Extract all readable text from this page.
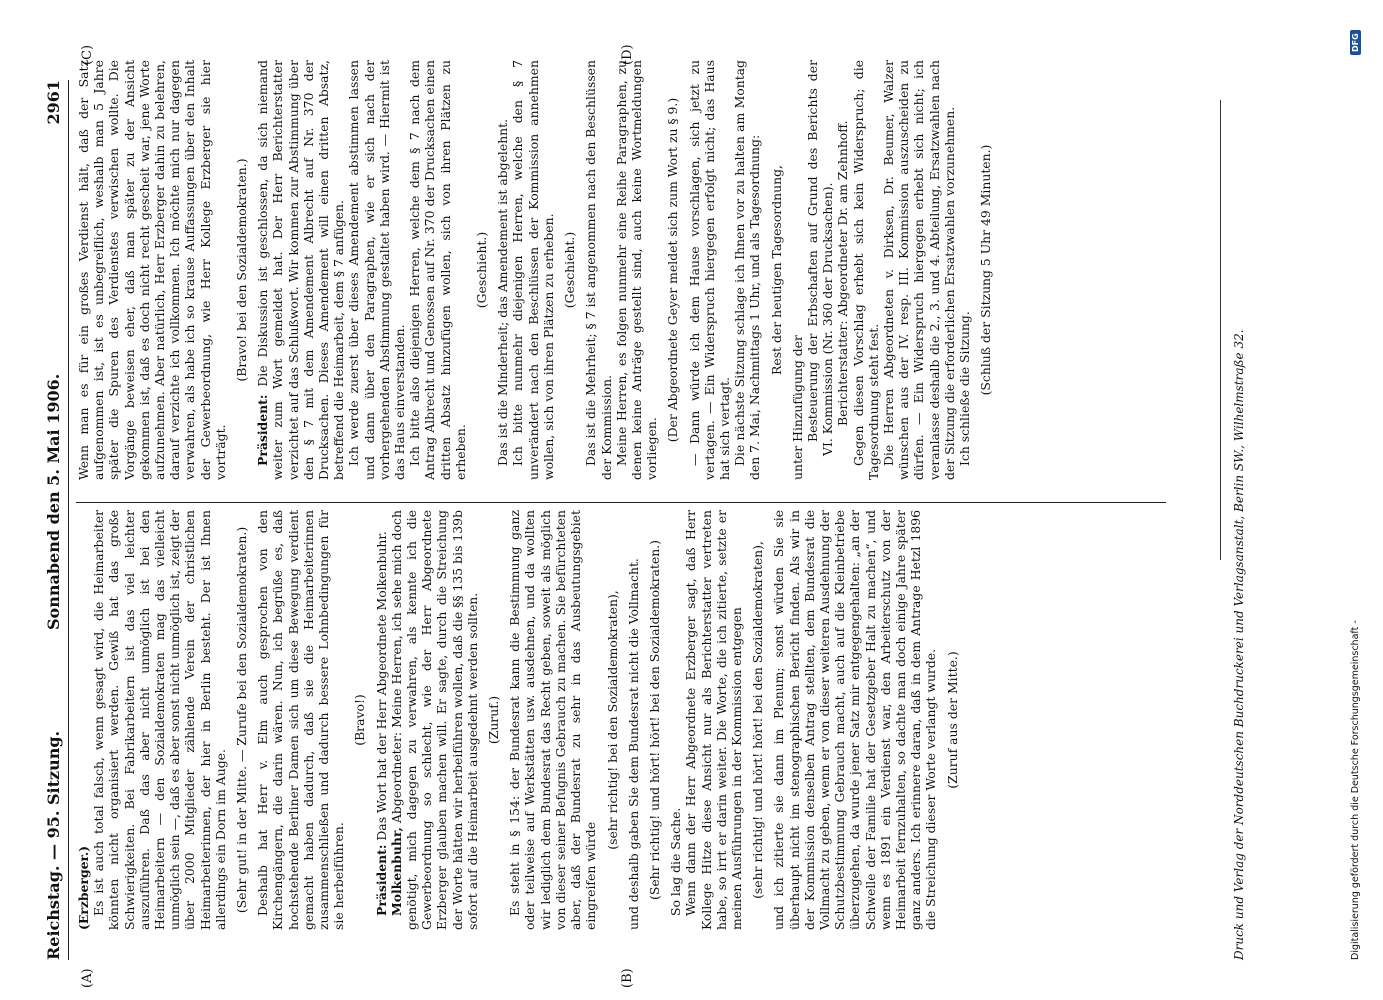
Reichstag. — 95. Sitzung.
2961
Sonnabend den 5. Mai 1906.
(A)	(B)
(C)	(D)

(Erzberger.) Es ist auch total falsch, wenn gesagt wird, die Heimarbeiter könnten nicht organisiert werden. Gewiß hat das große Schwierigkeiten. Bei Fabrikarbeitern ist das viel leichter auszuführen. Daß das aber nicht unmöglich ist bei den Heimarbeitern — den Sozialdemokraten mag das vielleicht unmöglich sein —, daß es aber sonst nicht unmöglich ist, zeigt der über 2000 Mitglieder zählende Verein der christlichen Heimarbeiterinnen, der hier in Berlin besteht. Der ist Ihnen allerdings ein Dorn im Auge. (Sehr gut! in der Mitte. — Zurufe bei den Sozialdemokraten.) Deshalb hat Herr v. Elm auch gesprochen von den Kirchengängern, die darin wären. Nun, ich begrüße es, daß hochstehende Berliner Damen sich um diese Bewegung verdient gemacht haben dadurch, daß sie die Heimarbeiterinnen zusammenschließen und dadurch bessere Lohnbedingungen für sie herbeiführen.

(Bravo!)

Präsident: Das Wort hat der Herr Abgeordnete Molkenbuhr.

Molkenbuhr, Abgeordneter: Meine Herren, ich sehe mich doch genötigt, mich dagegen zu verwahren, als kennte ich die Gewerbeordnung so schlecht, wie der Herr Abgeordnete Erzberger glauben machen will. Er sagte, durch die Streichung der Worte hätten wir herbeiführen wollen, daß die §§ 135 bis 139b sofort auf die Heimarbeit ausgedehnt werden sollten. (Zuruf.) Es steht in § 154: der Bundesrat kann die Bestimmung ganz oder teilweise auf Werkstätten usw. ausdehnen, und da wollten wir lediglich dem Bundesrat das Recht geben, soweit als möglich von dieser seiner Befugnis Gebrauch zu machen. Sie befürchteten aber, daß der Bundesrat zu sehr in das Ausbeutungsgebiet eingreifen würde

(sehr richtig! bei den Sozialdemokraten), und deshalb gaben Sie dem Bundesrat nicht die Vollmacht. (Sehr richtig! und hört! hört! bei den Sozialdemokraten.) So lag die Sache. Wenn dann der Herr Abgeordnete Erzberger sagt, daß Herr Kollege Hitze diese Ansicht nur als Berichterstatter vertreten habe, so irrt er darin weiter. Die Worte, die ich zitierte, setzte er meinen Ausführungen in der Kommission entgegen (sehr richtig! und hört! hört! bei den Sozialdemokraten), und ich zitierte sie dann im Plenum; sonst würden Sie sie überhaupt nicht im stenographischen Bericht finden. Als wir in der Kommission denselben Antrag stellten, dem Bundesrat die Vollmacht zu geben, wenn er von dieser weiteren Ausdehnung der Schutzbestimmung Gebrauch macht, auch auf die Kleinbetriebe überzugehen, da wurde jener Satz mir entgegengehalten: „an der Schwelle der Familie hat der Gesetzgeber Halt zu machen“, und wenn es 1891 ein Verdienst war, den Arbeiterschutz von der Heimarbeit fernzuhalten, so dachte man doch einige Jahre später ganz anders. Ich erinnere daran, daß in dem Antrage Hetzl 1896 die Streichung dieser Worte verlangt wurde. (Zuruf aus der Mitte.)

Wenn man es für ein großes Verdienst hält, daß der Satz aufgenommen ist, ist es unbegreiflich, weshalb man 5 Jahre später die Spuren des Verdienstes verwischen wollte. Die Vorgänge beweisen eher, daß man später zu der Ansicht gekommen ist, daß es doch nicht recht gescheit war, jene Worte aufzunehmen. Aber natürlich, Herr Erzberger dahin zu belehren, darauf verzichte ich vollkommen. Ich möchte mich nur dagegen verwahren, als habe ich so krause Auffassungen über den Inhalt der Gewerbeordnung, wie Herr Kollege Erzberger sie hier vorträgt.

(Bravo! bei den Sozialdemokraten.)

Präsident: Die Diskussion ist geschlossen, da sich niemand weiter zum Wort gemeldet hat. Der Herr Berichterstatter verzichtet auf das Schlußwort. Wir kommen zur Abstimmung über den § 7 mit dem Amendement Albrecht auf Nr. 370 der Drucksachen. Dieses Amendement will einen dritten Absatz, betreffend die Heimarbeit, dem § 7 anfügen. Ich werde zuerst über dieses Amendement abstimmen lassen und dann über den Paragraphen, wie er sich nach der vorhergehenden Abstimmung gestaltet haben wird. — Hiermit ist das Haus einverstanden. Ich bitte also diejenigen Herren, welche dem § 7 nach dem Antrag Albrecht und Genossen auf Nr. 370 der Drucksachen einen dritten Absatz hinzufügen wollen, sich von ihren Plätzen zu erheben.

(Geschieht.) Das ist die Minderheit; das Amendement ist abgelehnt. Ich bitte nunmehr diejenigen Herren, welche den § 7 unverändert nach den Beschlüssen der Kommission annehmen wollen, sich von ihren Plätzen zu erheben. (Geschieht.) Das ist die Mehrheit; § 7 ist angenommen nach den Beschlüssen der Kommission. Meine Herren, es folgen nunmehr eine Reihe Paragraphen, zu denen keine Anträge gestellt sind, auch keine Wortmeldungen vorliegen.

(Der Abgeordnete Geyer meldet sich zum Wort zu § 9.) — Dann würde ich dem Hause vorschlagen, sich jetzt zu vertagen. — Ein Widerspruch hiergegen erfolgt nicht; das Haus hat sich vertagt. Die nächste Sitzung schlage ich Ihnen vor zu halten am Montag den 7. Mai, Nachmittags 1 Uhr, und als Tagesordnung: Rest der heutigen Tagesordnung,

unter Hinzufügung der Besteuerung der Erbschaften auf Grund des Berichts der VI. Kommission (Nr. 360 der Drucksachen). Berichterstatter: Abgeordneter Dr. am Zehnhoff. Gegen diesen Vorschlag erhebt sich kein Widerspruch; die Tagesordnung steht fest. Die Herren Abgeordneten v. Dirksen, Dr. Beumer, Walzer wünschen aus der IV. resp. III. Kommission auszuscheiden zu dürfen. — Ein Widerspruch hiergegen erhebt sich nicht; ich veranlasse deshalb die 2., 3. und 4. Abteilung, Ersatzwahlen nach der Sitzung die erforderlichen Ersatzwahlen vorzunehmen. Ich schließe die Sitzung. (Schluß der Sitzung 5 Uhr 49 Minuten.)

Druck und Verlag der Norddeutschen Buchdruckerei und Verlagsanstalt, Berlin SW., Wilhelmstraße 32.	Digitalisierung gefördert durch die Deutsche Forschungsgemeinschaft -
DFG
